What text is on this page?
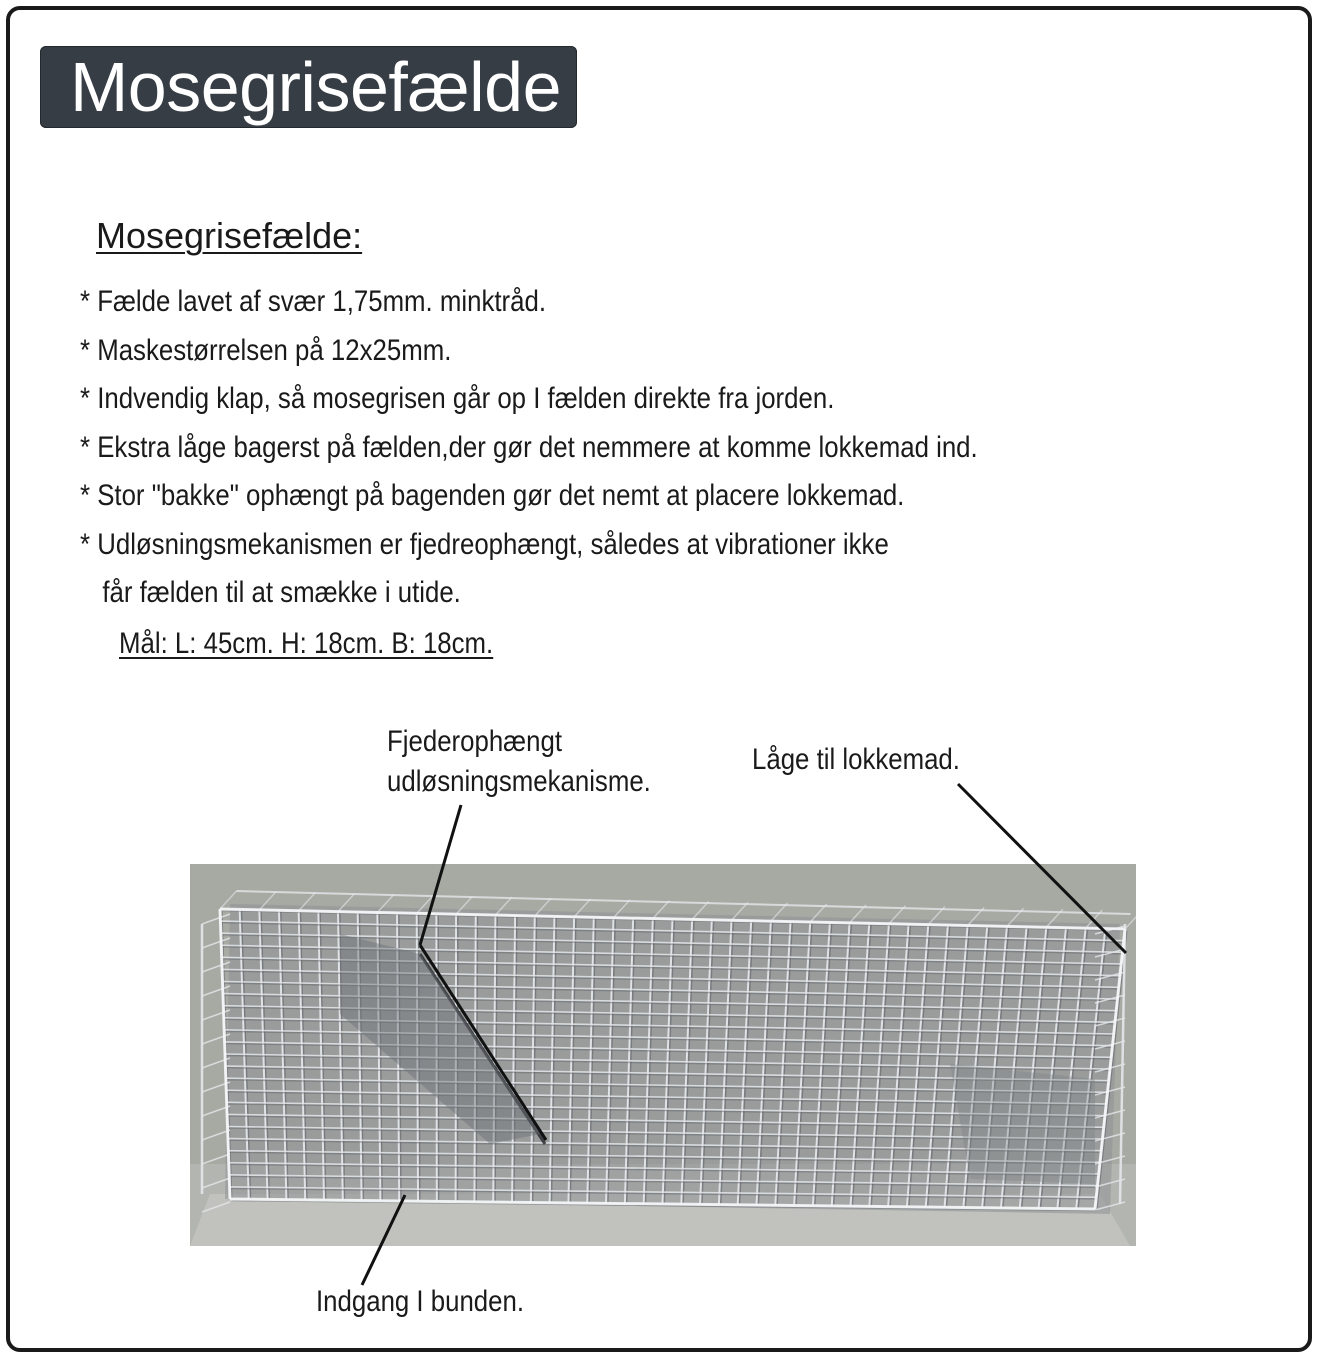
Mosegrisefælde
Mosegrisefælde:
* Fælde lavet af svær 1,75mm. minktråd.
* Maskestørrelsen på 12x25mm.
* Indvendig klap, så mosegrisen går op I fælden direkte fra jorden.
* Ekstra låge bagerst på fælden,der gør det nemmere at komme lokkemad ind.
* Stor "bakke" ophængt på bagenden gør det nemt at placere lokkemad.
* Udløsningsmekanismen er fjedreophængt, således at vibrationer ikke
får fælden til at smække i utide.
Mål: L: 45cm. H: 18cm. B: 18cm.
Fjederophængt
udløsningsmekanisme.
Låge til lokkemad.
Indgang I bunden.
